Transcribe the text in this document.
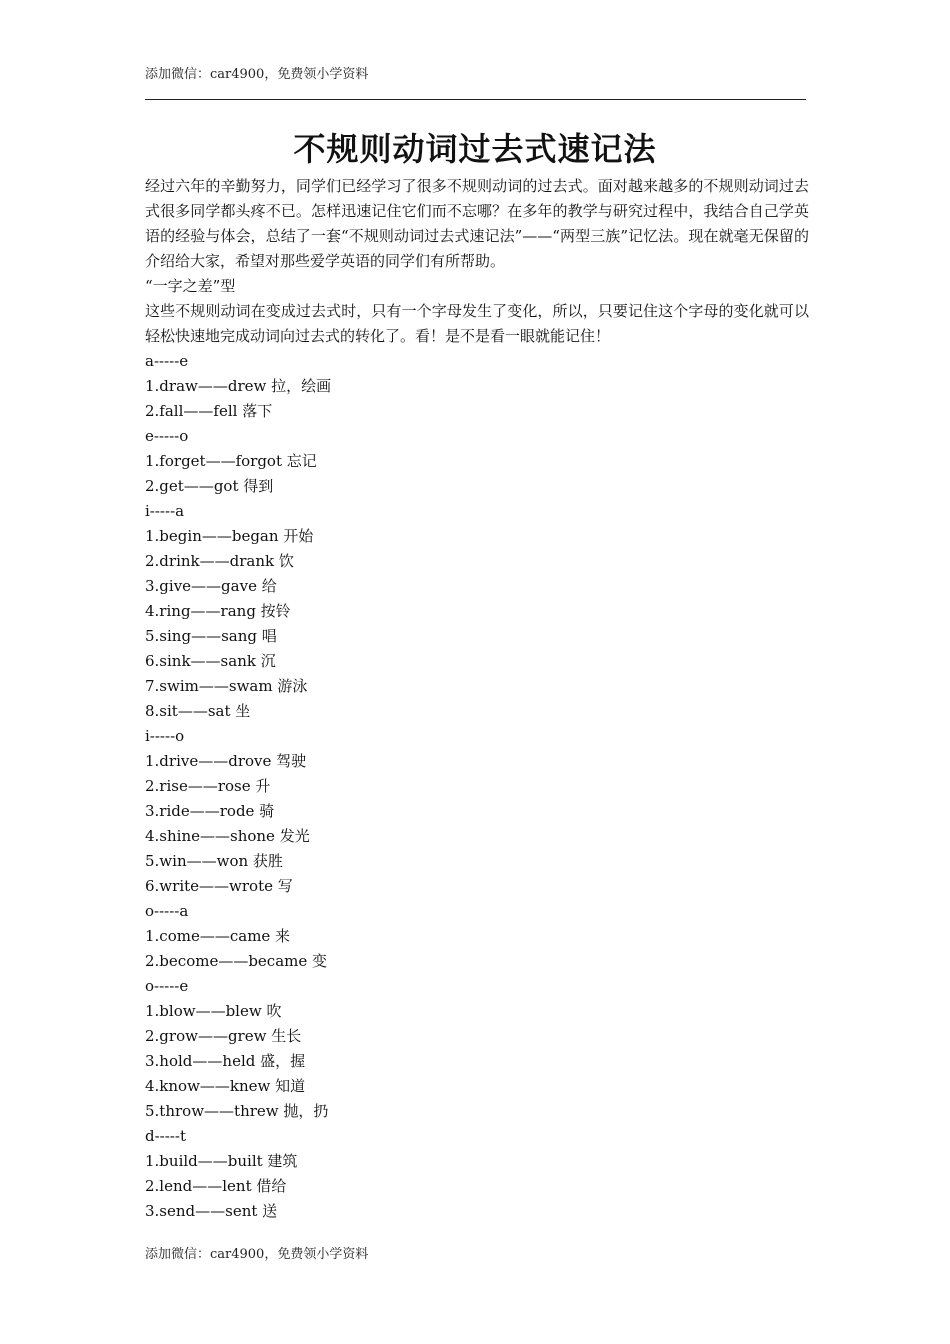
添加微信：car4900，免费领小学资料
不规则动词过去式速记法

经过六年的辛勤努力，同学们已经学习了很多不规则动词的过去式。面对越来越多的不规则动词过去式很多同学都头疼不已。怎样迅速记住它们而不忘哪？在多年的教学与研究过程中，我结合自己学英语的经验与体会，总结了一套“不规则动词过去式速记法”——“两型三族”记忆法。现在就毫无保留的介绍给大家，希望对那些爱学英语的同学们有所帮助。

“一字之差”型

这些不规则动词在变成过去式时，只有一个字母发生了变化，所以，只要记住这个字母的变化就可以轻松快速地完成动词向过去式的转化了。看！是不是看一眼就能记住！

a-----e

1.draw——drew 拉，绘画

2.fall——fell 落下

e-----o

1.forget——forgot 忘记

2.get——got 得到

i-----a

1.begin——began 开始

2.drink——drank 饮

3.give——gave 给

4.ring——rang 按铃

5.sing——sang 唱

6.sink——sank 沉

7.swim——swam 游泳

8.sit——sat 坐

i-----o

1.drive——drove 驾驶

2.rise——rose 升

3.ride——rode 骑

4.shine——shone 发光

5.win——won 获胜

6.write——wrote 写

o-----a

1.come——came 来

2.become——became 变

o-----e

1.blow——blew 吹

2.grow——grew 生长

3.hold——held 盛，握

4.know——knew 知道

5.throw——threw 抛，扔

d-----t

1.build——built 建筑

2.lend——lent 借给

3.send——sent 送

添加微信：car4900，免费领小学资料
